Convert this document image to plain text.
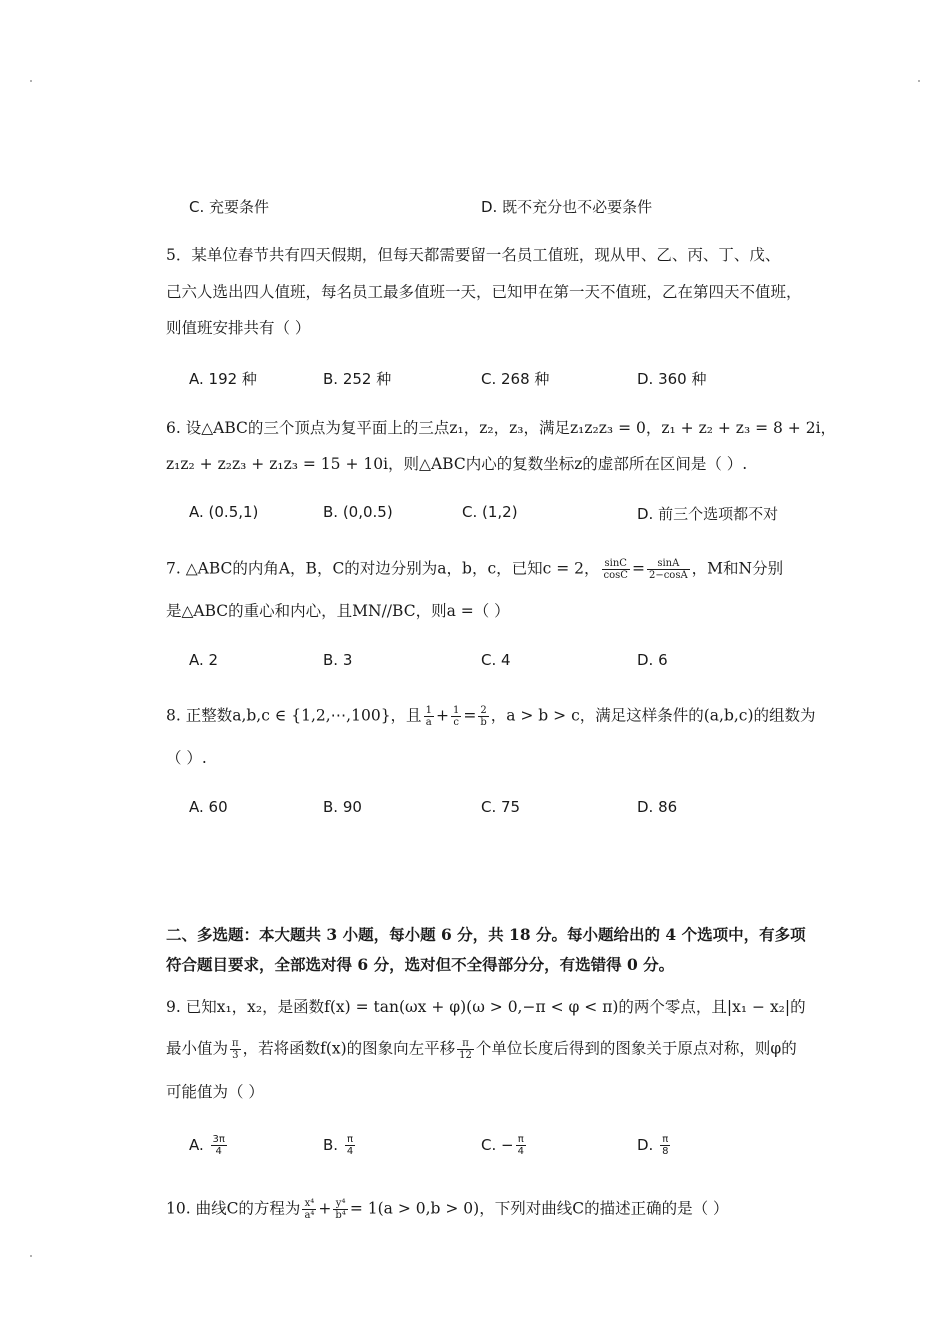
C. 充要条件	D. 既不充分也不必要条件
5．某单位春节共有四天假期，但每天都需要留一名员工值班，现从甲、乙、丙、丁、戊、
己六人选出四人值班，每名员工最多值班一天，已知甲在第一天不值班，乙在第四天不值班，
则值班安排共有（ ）
A. 192 种	B. 252 种	C. 268 种	D. 360 种
6. 设△ABC的三个顶点为复平面上的三点z₁，z₂，z₃，满足z₁z₂z₃ = 0，z₁ + z₂ + z₃ = 8 + 2i，
z₁z₂ + z₂z₃ + z₁z₃ = 15 + 10i，则△ABC内心的复数坐标z的虚部所在区间是（ ）.
A. (0.5,1)	B. (0,0.5)	C. (1,2)	D. 前三个选项都不对
7. △ABC的内角A，B，C的对边分别为a，b，c，已知c = 2， $\frac{\sin C}{\cos C} = \frac{\sin A}{2-\cos A}$ ，M和N分别
是△ABC的重心和内心，且MN//BC，则a =（ ）
A. 2	B. 3	C. 4	D. 6
8. 正整数a,b,c ∈ {1,2,⋯,100}，且 $\frac{1}{a} + \frac{1}{c} = \frac{2}{b}$ ，a > b > c，满足这样条件的(a,b,c)的组数为
（ ）.
A. 60	B. 90	C. 75	D. 86
二、多选题：本大题共 3 小题，每小题 6 分，共 18 分。每小题给出的 4 个选项中，有多项
符合题目要求，全部选对得 6 分，选对但不全得部分分，有选错得 0 分。
9. 已知x₁，x₂，是函数f(x) = tan(ωx + φ)(ω > 0,−π < φ < π)的两个零点，且|x₁ − x₂|的
最小值为 $\frac{\pi}{3}$ ，若将函数f(x)的图象向左平移 $\frac{\pi}{12}$ 个单位长度后得到的图象关于原点对称，则φ的
可能值为（ ）
A. $\frac{3\pi}{4}$	B. $\frac{\pi}{4}$	C. − $\frac{\pi}{4}$	D. $\frac{\pi}{8}$
10. 曲线C的方程为 $\frac{\text{x⁴}}{\text{a⁴}} + \frac{\text{y⁴}}{\text{b⁴}} = 1(a > 0,b > 0)$，下列对曲线C的描述正确的是（ ）
